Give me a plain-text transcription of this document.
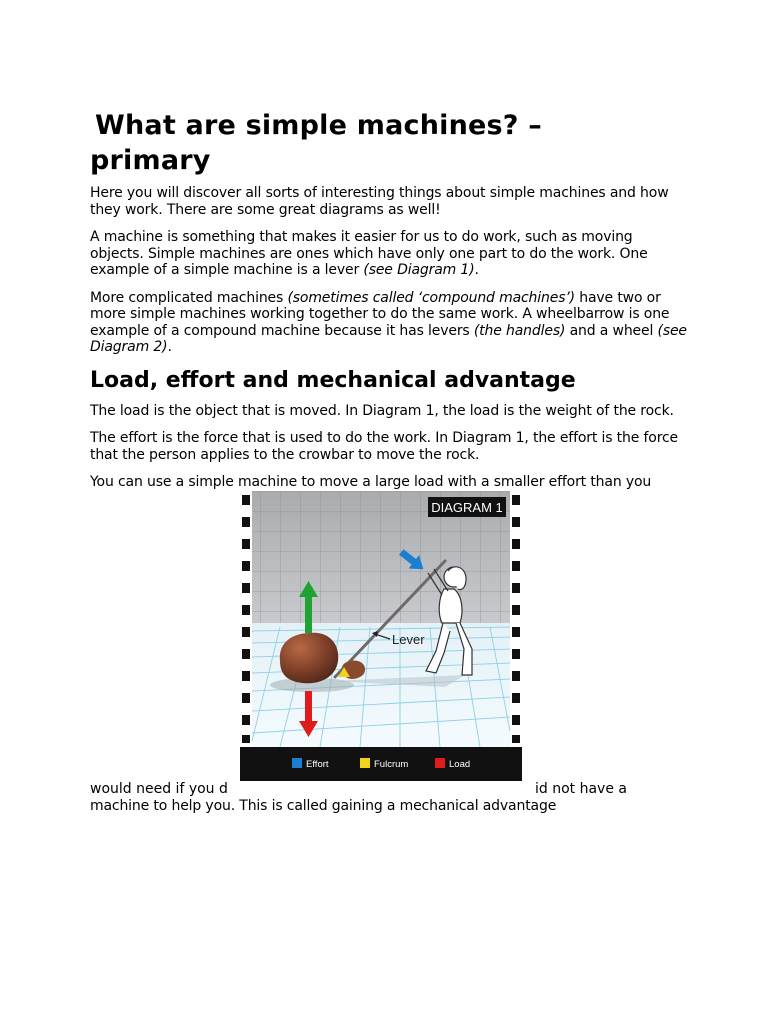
What are simple machines? –
primary

Here you will discover all sorts of interesting things about simple machines and how they work. There are some great diagrams as well!

A machine is something that makes it easier for us to do work, such as moving objects. Simple machines are ones which have only one part to do the work. One example of a simple machine is a lever (see Diagram 1).

More complicated machines (sometimes called ‘compound machines’) have two or more simple machines working together to do the same work. A wheelbarrow is one example of a compound machine because it has levers (the handles) and a wheel (see Diagram 2).

Load, effort and mechanical advantage

The load is the object that is moved. In Diagram 1, the load is the weight of the rock.

The effort is the force that is used to do the work. In Diagram 1, the effort is the force that the person applies to the crowbar to move the rock.

You can use a simple machine to move a large load with a smaller effort than you
DIAGRAM 1
Lever
Effort	Fulcrum	Load
would need if you d	id not have a
machine to help you. This is called gaining a mechanical advantage
